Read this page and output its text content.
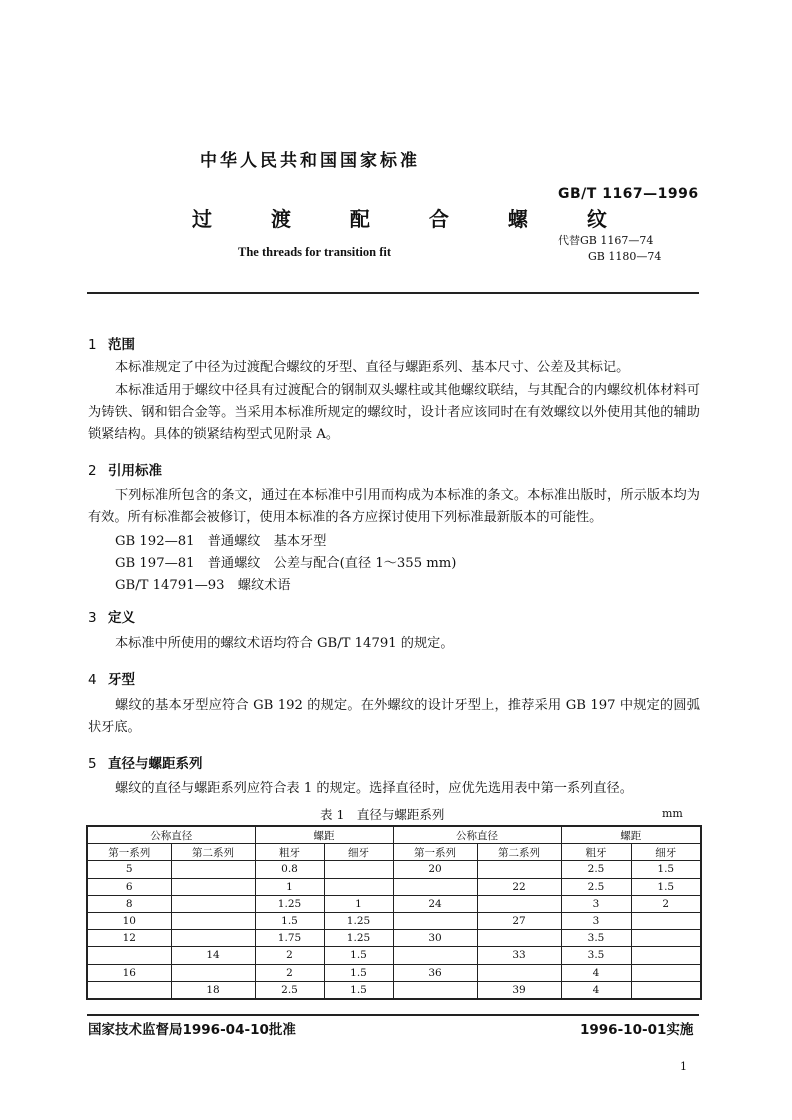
中华人民共和国国家标准
GB/T 1167—1996
过 渡 配 合 螺 纹
The threads for transition fit
代替GB 1167—74
GB 1180—74
1 范围
本标准规定了中径为过渡配合螺纹的牙型、直径与螺距系列、基本尺寸、公差及其标记。
本标准适用于螺纹中径具有过渡配合的钢制双头螺柱或其他螺纹联结，与其配合的内螺纹机体材料可为铸铁、钢和铝合金等。当采用本标准所规定的螺纹时，设计者应该同时在有效螺纹以外使用其他的辅助锁紧结构。具体的锁紧结构型式见附录 A。
2 引用标准
下列标准所包含的条文，通过在本标准中引用而构成为本标准的条文。本标准出版时，所示版本均为有效。所有标准都会被修订，使用本标准的各方应探讨使用下列标准最新版本的可能性。
GB 192—81　普通螺纹　基本牙型
GB 197—81　普通螺纹　公差与配合(直径 1～355 mm)
GB/T 14791—93　螺纹术语
3 定义
本标准中所使用的螺纹术语均符合 GB/T 14791 的规定。
4 牙型
螺纹的基本牙型应符合 GB 192 的规定。在外螺纹的设计牙型上，推荐采用 GB 197 中规定的圆弧状牙底。
5 直径与螺距系列
螺纹的直径与螺距系列应符合表 1 的规定。选择直径时，应优先选用表中第一系列直径。
表 1　直径与螺距系列	mm
公称直径		螺距		公称直径		螺距	
第一系列	第二系列	粗牙	细牙	第一系列	第二系列	粗牙	细牙
5		0.8		20		2.5	1.5
6		1			22	2.5	1.5
8		1.25	1	24		3	2
10		1.5	1.25		27	3	
12		1.75	1.25	30		3.5	
	14	2	1.5		33	3.5	
16		2	1.5	36		4	
	18	2.5	1.5		39	4	
国家技术监督局1996-04-10批准	1996-10-01实施
1
